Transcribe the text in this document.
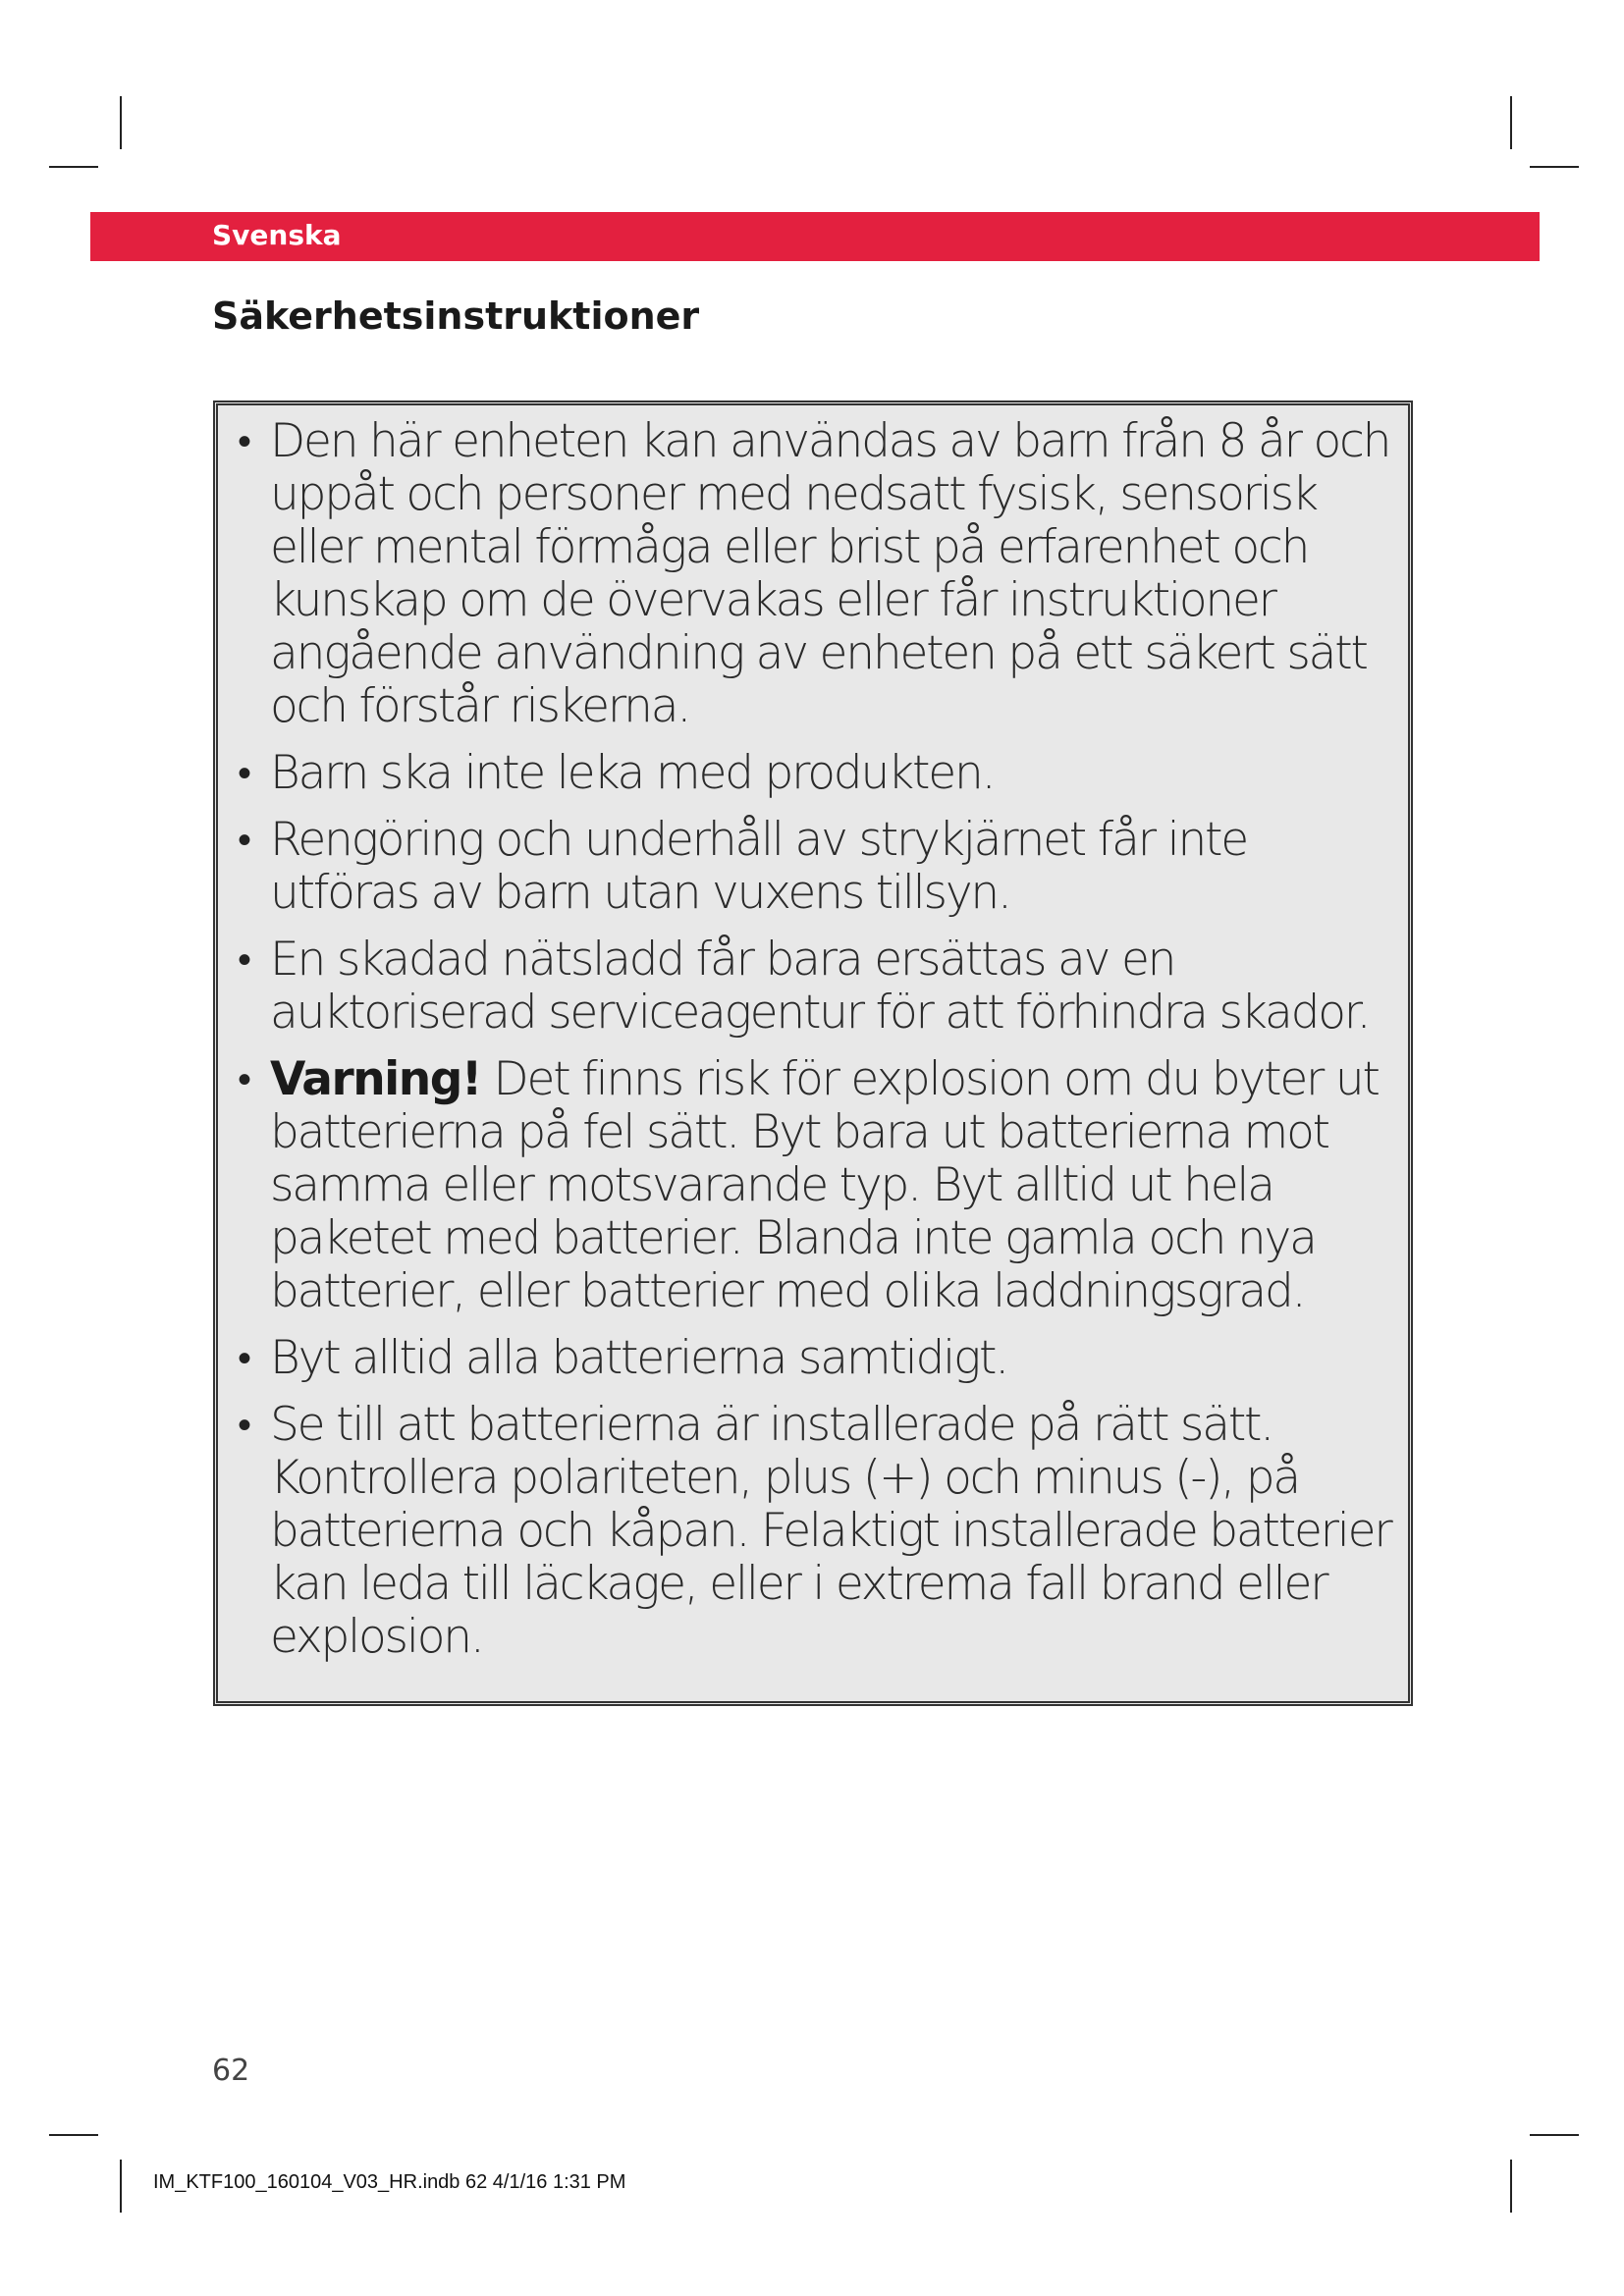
Svenska
Säkerhetsinstruktioner
• Den här enheten kan användas av barn från 8 år och uppåt och personer med nedsatt fysisk, sensorisk eller mental förmåga eller brist på erfarenhet och kunskap om de övervakas eller får instruktioner angående användning av enheten på ett säkert sätt och förstår riskerna.
• Barn ska inte leka med produkten.
• Rengöring och underhåll av strykjärnet får inte utföras av barn utan vuxens tillsyn.
• En skadad nätsladd får bara ersättas av en auktoriserad serviceagentur för att förhindra skador.
• Varning! Det finns risk för explosion om du byter ut batterierna på fel sätt. Byt bara ut batterierna mot samma eller motsvarande typ. Byt alltid ut hela paketet med batterier. Blanda inte gamla och nya batterier, eller batterier med olika laddningsgrad.
• Byt alltid alla batterierna samtidigt.
• Se till att batterierna är installerade på rätt sätt. Kontrollera polariteten, plus (+) och minus (-), på batterierna och kåpan. Felaktigt installerade batterier kan leda till läckage, eller i extrema fall brand eller explosion.
62
IM_KTF100_160104_V03_HR.indb 62 4/1/16 1:31 PM
